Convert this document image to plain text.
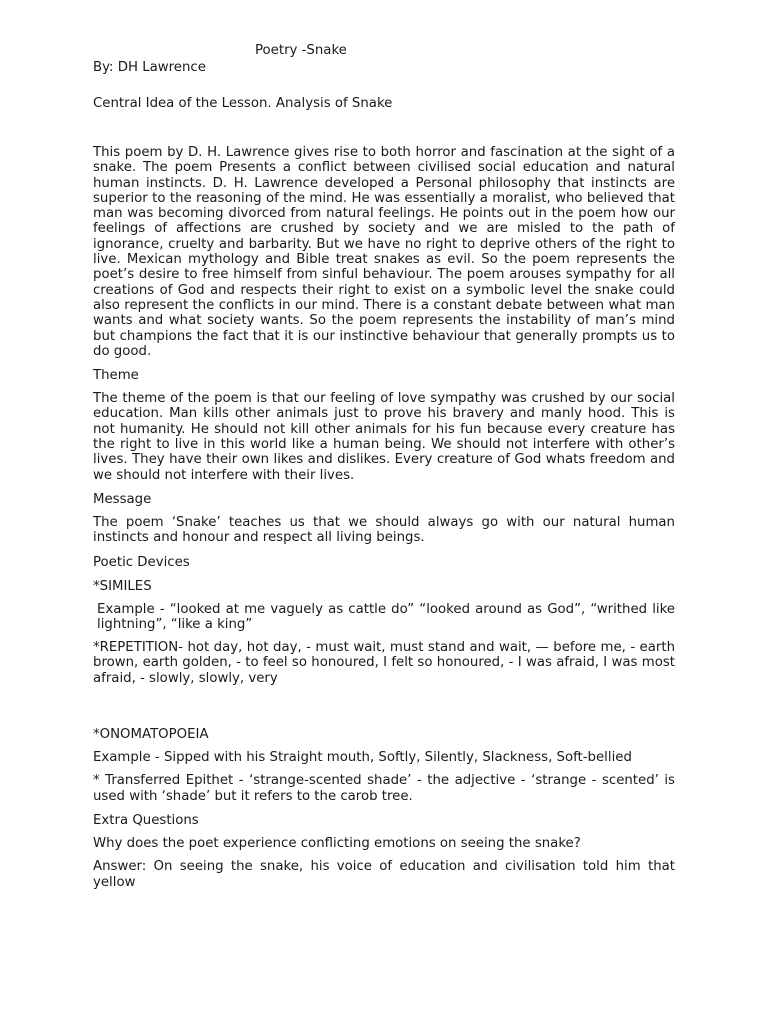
Poetry -Snake
By: DH Lawrence
Central Idea of the Lesson. Analysis of Snake

This poem by D. H. Lawrence gives rise to both horror and fascination at the sight of a snake. The poem Presents a conflict between civilised social education and natural human instincts. D. H. Lawrence developed a Personal philosophy that instincts are superior to the reasoning of the mind. He was essentially a moralist, who believed that man was becoming divorced from natural feelings. He points out in the poem how our feelings of affections are crushed by society and we are misled to the path of ignorance, cruelty and barbarity. But we have no right to deprive others of the right to live. Mexican mythology and Bible treat snakes as evil. So the poem represents the poet’s desire to free himself from sinful behaviour. The poem arouses sympathy for all creations of God and respects their right to exist on a symbolic level the snake could also represent the conflicts in our mind. There is a constant debate between what man wants and what society wants. So the poem represents the instability of man’s mind but champions the fact that it is our instinctive behaviour that generally prompts us to do good.

Theme

The theme of the poem is that our feeling of love sympathy was crushed by our social education. Man kills other animals just to prove his bravery and manly hood. This is not humanity. He should not kill other animals for his fun because every creature has the right to live in this world like a human being. We should not interfere with other’s lives. They have their own likes and dislikes. Every creature of God whats freedom and we should not interfere with their lives.

Message

The poem ‘Snake’ teaches us that we should always go with our natural human instincts and honour and respect all living beings.

Poetic Devices
*SIMILES

Example - “looked at me vaguely as cattle do” “looked around as God”, “writhed like lightning”, “like a king”

*REPETITION- hot day, hot day, - must wait, must stand and wait, — before me, - earth brown, earth golden, - to feel so honoured, I felt so honoured, - I was afraid, I was most afraid, - slowly, slowly, very

*ONOMATOPOEIA

Example - Sipped with his Straight mouth, Softly, Silently, Slackness, Soft-bellied

* Transferred Epithet - ‘strange-scented shade’ - the adjective - ‘strange - scented’ is used with ‘shade’ but it refers to the carob tree.

Extra Questions

Why does the poet experience conflicting emotions on seeing the snake?

Answer: On seeing the snake, his voice of education and civilisation told him that yellow
